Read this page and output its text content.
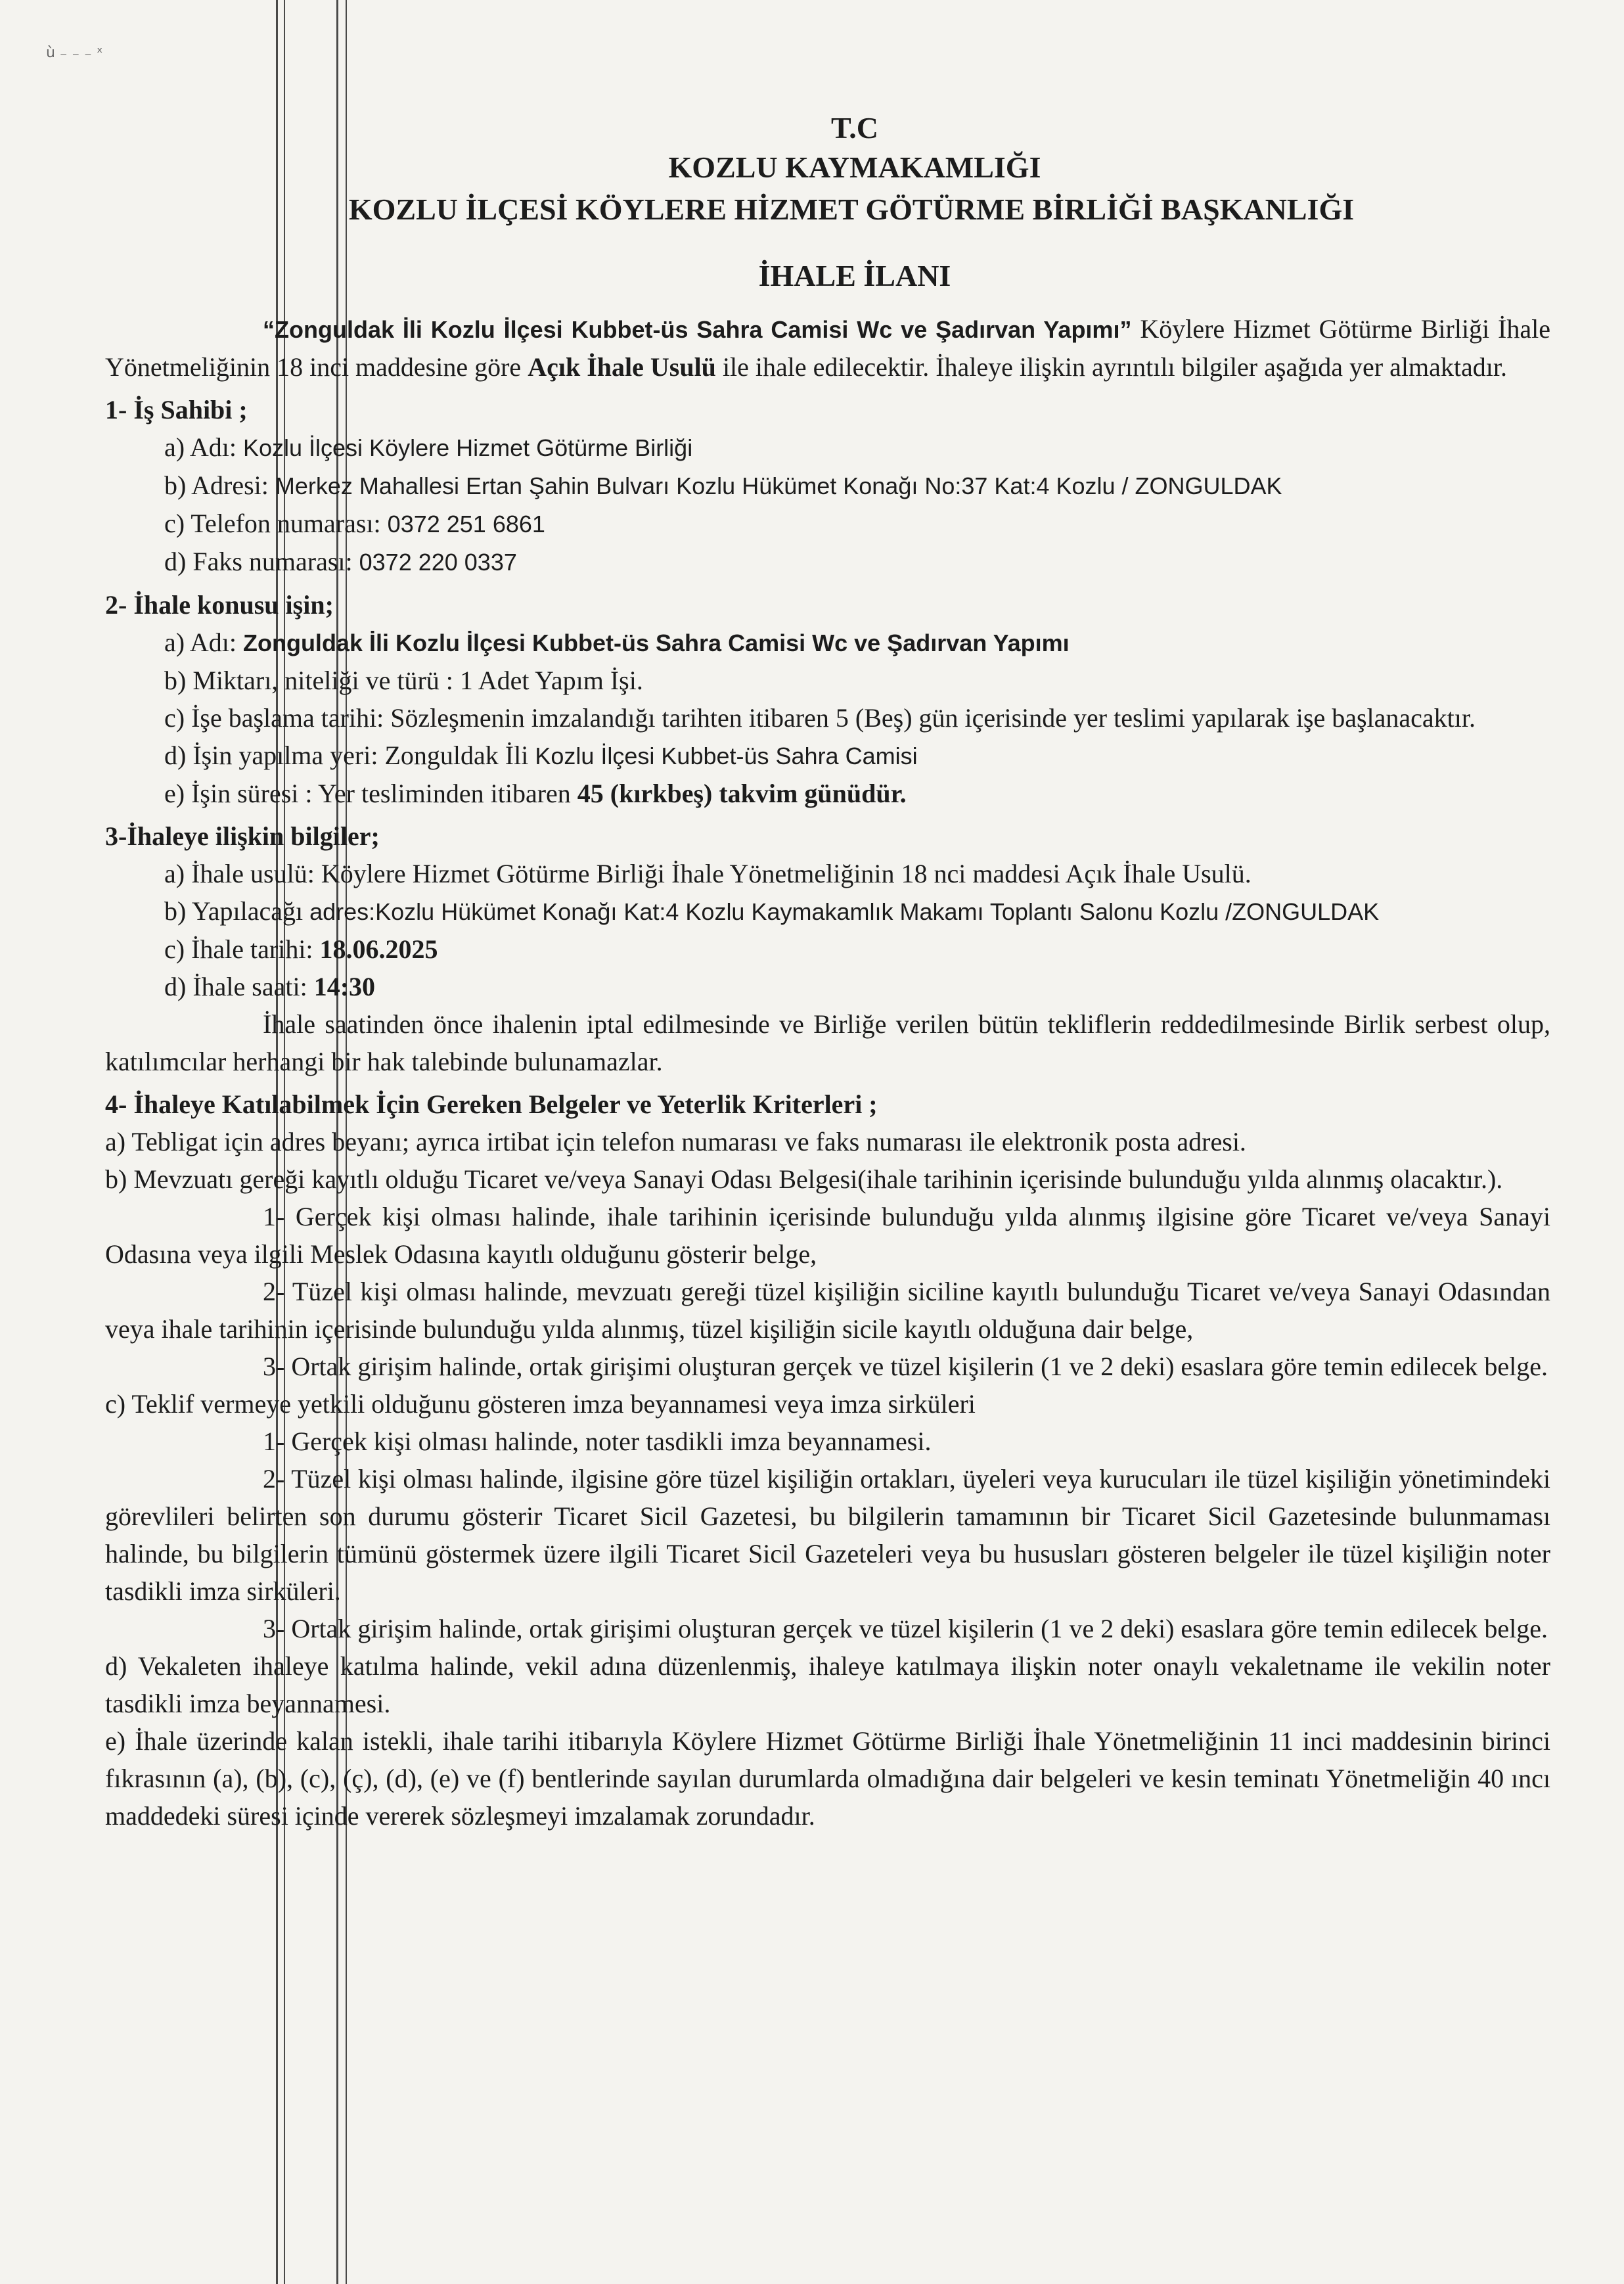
ù ₋ ₋ ₋ ˣ
T.C
KOZLU KAYMAKAMLIĞI
KOZLU İLÇESİ KÖYLERE HİZMET GÖTÜRME BİRLİĞİ BAŞKANLIĞI
İHALE İLANI

“Zonguldak İli Kozlu İlçesi Kubbet-üs Sahra Camisi Wc ve Şadırvan Yapımı” Köylere Hizmet Götürme Birliği İhale Yönetmeliğinin 18 inci maddesine göre Açık İhale Usulü ile ihale edilecektir. İhaleye ilişkin ayrıntılı bilgiler aşağıda yer almaktadır.

1- İş Sahibi ;

a) Adı: Kozlu İlçesi Köylere Hizmet Götürme Birliği

b) Adresi: Merkez Mahallesi Ertan Şahin Bulvarı Kozlu Hükümet Konağı No:37 Kat:4 Kozlu / ZONGULDAK

c) Telefon numarası: 0372 251 6861

d) Faks numarası: 0372 220 0337

2- İhale konusu işin;

a) Adı: Zonguldak İli Kozlu İlçesi Kubbet-üs Sahra Camisi Wc ve Şadırvan Yapımı

b) Miktarı, niteliği ve türü : 1 Adet Yapım İşi.

c) İşe başlama tarihi: Sözleşmenin imzalandığı tarihten itibaren 5 (Beş) gün içerisinde yer teslimi yapılarak işe başlanacaktır.

d) İşin yapılma yeri: Zonguldak İli Kozlu İlçesi Kubbet-üs Sahra Camisi

e) İşin süresi : Yer tesliminden itibaren 45 (kırkbeş) takvim günüdür.

3-İhaleye ilişkin bilgiler;

a) İhale usulü: Köylere Hizmet Götürme Birliği İhale Yönetmeliğinin 18 nci maddesi Açık İhale Usulü.

b) Yapılacağı adres:Kozlu Hükümet Konağı Kat:4 Kozlu Kaymakamlık Makamı Toplantı Salonu Kozlu /ZONGULDAK

c) İhale tarihi: 18.06.2025

d) İhale saati: 14:30

İhale saatinden önce ihalenin iptal edilmesinde ve Birliğe verilen bütün tekliflerin reddedilmesinde Birlik serbest olup, katılımcılar herhangi bir hak talebinde bulunamazlar.

4- İhaleye Katılabilmek İçin Gereken Belgeler ve Yeterlik Kriterleri ;

a) Tebligat için adres beyanı; ayrıca irtibat için telefon numarası ve faks numarası ile elektronik posta adresi.

b) Mevzuatı gereği kayıtlı olduğu Ticaret ve/veya Sanayi Odası Belgesi(ihale tarihinin içerisinde bulunduğu yılda alınmış olacaktır.).

1- Gerçek kişi olması halinde, ihale tarihinin içerisinde bulunduğu yılda alınmış ilgisine göre Ticaret ve/veya Sanayi Odasına veya ilgili Meslek Odasına kayıtlı olduğunu gösterir belge,

2- Tüzel kişi olması halinde, mevzuatı gereği tüzel kişiliğin siciline kayıtlı bulunduğu Ticaret ve/veya Sanayi Odasından veya ihale tarihinin içerisinde bulunduğu yılda alınmış, tüzel kişiliğin sicile kayıtlı olduğuna dair belge,

3- Ortak girişim halinde, ortak girişimi oluşturan gerçek ve tüzel kişilerin (1 ve 2 deki) esaslara göre temin edilecek belge.

c) Teklif vermeye yetkili olduğunu gösteren imza beyannamesi veya imza sirküleri

1- Gerçek kişi olması halinde, noter tasdikli imza beyannamesi.

2- Tüzel kişi olması halinde, ilgisine göre tüzel kişiliğin ortakları, üyeleri veya kurucuları ile tüzel kişiliğin yönetimindeki görevlileri belirten son durumu gösterir Ticaret Sicil Gazetesi, bu bilgilerin tamamının bir Ticaret Sicil Gazetesinde bulunmaması halinde, bu bilgilerin tümünü göstermek üzere ilgili Ticaret Sicil Gazeteleri veya bu hususları gösteren belgeler ile tüzel kişiliğin noter tasdikli imza sirküleri.

3- Ortak girişim halinde, ortak girişimi oluşturan gerçek ve tüzel kişilerin (1 ve 2 deki) esaslara göre temin edilecek belge.

d) Vekaleten ihaleye katılma halinde, vekil adına düzenlenmiş, ihaleye katılmaya ilişkin noter onaylı vekaletname ile vekilin noter tasdikli imza beyannamesi.

e) İhale üzerinde kalan istekli, ihale tarihi itibarıyla Köylere Hizmet Götürme Birliği İhale Yönetmeliğinin 11 inci maddesinin birinci fıkrasının (a), (b), (c), (ç), (d), (e) ve (f) bentlerinde sayılan durumlarda olmadığına dair belgeleri ve kesin teminatı Yönetmeliğin 40 ıncı maddedeki süresi içinde vererek sözleşmeyi imzalamak zorundadır.
